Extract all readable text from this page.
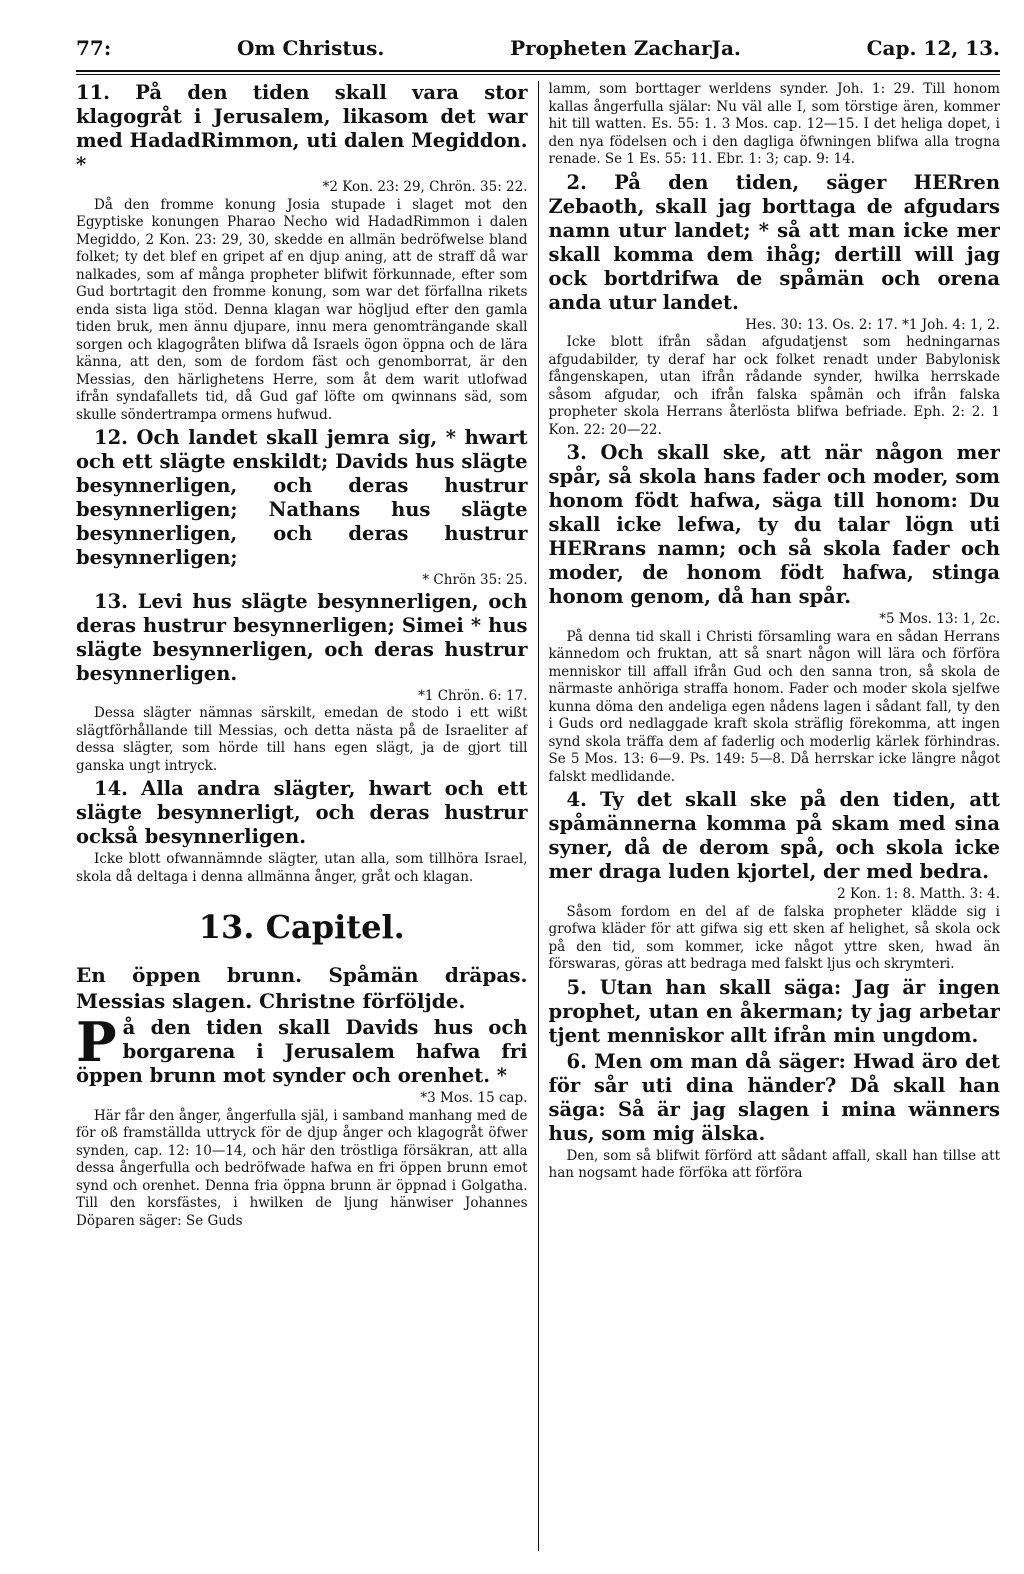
77:	Om Christus.	Propheten ZacharJa.	Cap. 12, 13.

11. På den tiden skall vara stor klagogråt i Jerusalem, likasom det war med HadadRimmon, uti dalen Megiddon. *

*2 Kon. 23: 29, Chrön. 35: 22.

Då den fromme konung Josia stupade i slaget mot den Egyptiske konungen Pharao Necho wid HadadRimmon i dalen Megiddo, 2 Kon. 23: 29, 30, skedde en allmän bedröfwelse bland folket; ty det blef en gripet af en djup aning, att de straff då war nalkades, som af många propheter blifwit förkunnade, efter som Gud bortrtagit den fromme konung, som war det förfallna rikets enda sista liga stöd. Denna klagan war högljud efter den gamla tiden bruk, men ännu djupare, innu mera genomträngande skall sorgen och klagogråten blifwa då Israels ögon öppna och de lära känna, att den, som de fordom fäst och genomborrat, är den Messias, den härlighetens Herre, som åt dem warit utlofwad ifrån syndafallets tid, då Gud gaf löfte om qwinnans säd, som skulle söndertrampa ormens hufwud.

12. Och landet skall jemra sig, * hwart och ett slägte enskildt; Davids hus slägte besynnerligen, och deras hustrur besynnerligen; Nathans hus slägte besynnerligen, och deras hustrur besynnerligen;

* Chrön 35: 25.

13. Levi hus slägte besynnerligen, och deras hustrur besynnerligen; Simei * hus slägte besynnerligen, och deras hustrur besynnerligen.

*1 Chrön. 6: 17.

Dessa slägter nämnas särskilt, emedan de stodo i ett wißt slägtförhållande till Messias, och detta nästa på de Israeliter af dessa slägter, som hörde till hans egen slägt, ja de gjort till ganska ungt intryck.

14. Alla andra slägter, hwart och ett slägte besynnerligt, och deras hustrur också besynnerligen.

Icke blott ofwannämnde slägter, utan alla, som tillhöra Israel, skola då deltaga i denna allmänna ånger, gråt och klagan.

13. Capitel.

En öppen brunn. Spåmän dräpas. Messias slagen. Christne förföljde.

På den tiden skall Davids hus och borgarena i Jerusalem hafwa fri öppen brunn mot synder och orenhet. *

*3 Mos. 15 cap.

Här får den ånger, ångerfulla själ, i samband manhang med de för oß framställda uttryck för de djup ånger och klagogråt öfwer synden, cap. 12: 10—14, och här den tröstliga försäkran, att alla dessa ångerfulla och bedröfwade hafwa en fri öppen brunn emot synd och orenhet. Denna fria öppna brunn är öppnad i Golgatha. Till den korsfästes, i hwilken de ljung hänwiser Johannes Döparen säger: Se Guds

lamm, som borttager werldens synder. Joh. 1: 29. Till honom kallas ångerfulla själar: Nu väl alle I, som törstige ären, kommer hit till watten. Es. 55: 1. 3 Mos. cap. 12—15. I det heliga dopet, i den nya födelsen och i den dagliga öfwningen blifwa alla trogna renade. Se 1 Es. 55: 11. Ebr. 1: 3; cap. 9: 14.

2. På den tiden, säger HERren Zebaoth, skall jag borttaga de afgudars namn utur landet; * så att man icke mer skall komma dem ihåg; dertill will jag ock bortdrifwa de spåmän och orena anda utur landet.

Hes. 30: 13. Os. 2: 17. *1 Joh. 4: 1, 2.

Icke blott ifrån sådan afgudatjenst som hedningarnas afgudabilder, ty deraf har ock folket renadt under Babylonisk fångenskapen, utan ifrån rådande synder, hwilka herrskade såsom afgudar, och ifrån falska spåmän och ifrån falska propheter skola Herrans återlösta blifwa befriade. Eph. 2: 2. 1 Kon. 22: 20—22.

3. Och skall ske, att när någon mer spår, så skola hans fader och moder, som honom födt hafwa, säga till honom: Du skall icke lefwa, ty du talar lögn uti HERrans namn; och så skola fader och moder, de honom födt hafwa, stinga honom genom, då han spår.

*5 Mos. 13: 1, 2c.

På denna tid skall i Christi församling wara en sådan Herrans kännedom och fruktan, att så snart någon will lära och förföra menniskor till affall ifrån Gud och den sanna tron, så skola de närmaste anhöriga straffa honom. Fader och moder skola sjelfwe kunna döma den andeliga egen nådens lagen i sådant fall, ty den i Guds ord nedlaggade kraft skola sträflig förekomma, att ingen synd skola träffa dem af faderlig och moderlig kärlek förhindras. Se 5 Mos. 13: 6—9. Ps. 149: 5—8. Då herrskar icke längre något falskt medlidande.

4. Ty det skall ske på den tiden, att spåmännerna komma på skam med sina syner, då de derom spå, och skola icke mer draga luden kjortel, der med bedra.

2 Kon. 1: 8. Matth. 3: 4.

Såsom fordom en del af de falska propheter klädde sig i grofwa kläder för att gifwa sig ett sken af helighet, så skola ock på den tid, som kommer, icke något yttre sken, hwad än förswaras, göras att bedraga med falskt ljus och skrymteri.

5. Utan han skall säga: Jag är ingen prophet, utan en åkerman; ty jag arbetar tjent menniskor allt ifrån min ungdom.

6. Men om man då säger: Hwad äro det för sår uti dina händer? Då skall han säga: Så är jag slagen i mina wänners hus, som mig älska.

Den, som så blifwit förförd att sådant affall, skall han tillse att han nogsamt hade förföka att förföra
